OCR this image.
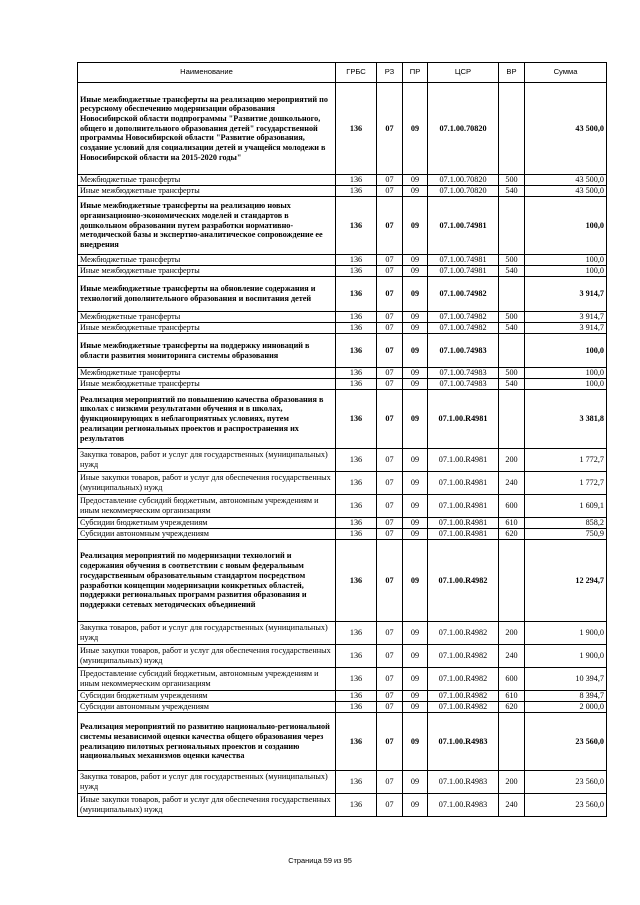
Наименование	ГРБС	РЗ	ПР	ЦСР	ВР	Сумма
Иные межбюджетные трансферты на реализацию мероприятий по ресурсному обеспечению модернизации образования Новосибирской области подпрограммы "Развитие дошкольного, общего и дополнительного образования детей" государственной программы Новосибирской области "Развитие образования, создание условий для социализации детей и учащейся молодежи в Новосибирской области на 2015-2020 годы"	136	07	09	07.1.00.70820		43 500,0
Межбюджетные трансферты	136	07	09	07.1.00.70820	500	43 500,0
Иные межбюджетные трансферты	136	07	09	07.1.00.70820	540	43 500,0
Иные межбюджетные трансферты на реализацию новых организационно-экономических моделей и стандартов в дошкольном образовании путем разработки нормативно-методической базы и экспертно-аналитическое сопровождение ее внедрения	136	07	09	07.1.00.74981		100,0
Межбюджетные трансферты	136	07	09	07.1.00.74981	500	100,0
Иные межбюджетные трансферты	136	07	09	07.1.00.74981	540	100,0
Иные межбюджетные трансферты на обновление содержания и технологий дополнительного образования и воспитания детей	136	07	09	07.1.00.74982		3 914,7
Межбюджетные трансферты	136	07	09	07.1.00.74982	500	3 914,7
Иные межбюджетные трансферты	136	07	09	07.1.00.74982	540	3 914,7
Иные межбюджетные трансферты на поддержку инноваций в области развития мониторинга системы образования	136	07	09	07.1.00.74983		100,0
Межбюджетные трансферты	136	07	09	07.1.00.74983	500	100,0
Иные межбюджетные трансферты	136	07	09	07.1.00.74983	540	100,0
Реализация мероприятий по повышению качества образования в школах с низкими результатами обучения и в школах, функционирующих в неблагоприятных условиях, путем реализации региональных проектов и распространения их результатов	136	07	09	07.1.00.R4981		3 381,8
Закупка товаров, работ и услуг для государственных (муниципальных) нужд	136	07	09	07.1.00.R4981	200	1 772,7
Иные закупки товаров, работ и услуг для обеспечения государственных (муниципальных) нужд	136	07	09	07.1.00.R4981	240	1 772,7
Предоставление субсидий бюджетным, автономным учреждениям и иным некоммерческим организациям	136	07	09	07.1.00.R4981	600	1 609,1
Субсидии бюджетным учреждениям	136	07	09	07.1.00.R4981	610	858,2
Субсидии автономным учреждениям	136	07	09	07.1.00.R4981	620	750,9
Реализация мероприятий по модернизации технологий и содержания обучения в соответствии с новым федеральным государственным образовательным стандартом посредством разработки концепции модернизации конкретных областей, поддержки региональных программ развития образования и поддержки сетевых методических объединений	136	07	09	07.1.00.R4982		12 294,7
Закупка товаров, работ и услуг для государственных (муниципальных) нужд	136	07	09	07.1.00.R4982	200	1 900,0
Иные закупки товаров, работ и услуг для обеспечения государственных (муниципальных) нужд	136	07	09	07.1.00.R4982	240	1 900,0
Предоставление субсидий бюджетным, автономным учреждениям и иным некоммерческим организациям	136	07	09	07.1.00.R4982	600	10 394,7
Субсидии бюджетным учреждениям	136	07	09	07.1.00.R4982	610	8 394,7
Субсидии автономным учреждениям	136	07	09	07.1.00.R4982	620	2 000,0
Реализация мероприятий по развитию национально-региональной системы независимой оценки качества общего образования через реализацию пилотных региональных проектов и созданию национальных механизмов оценки качества	136	07	09	07.1.00.R4983		23 560,0
Закупка товаров, работ и услуг для государственных (муниципальных) нужд	136	07	09	07.1.00.R4983	200	23 560,0
Иные закупки товаров, работ и услуг для обеспечения государственных (муниципальных) нужд	136	07	09	07.1.00.R4983	240	23 560,0
Страница 59 из 95
